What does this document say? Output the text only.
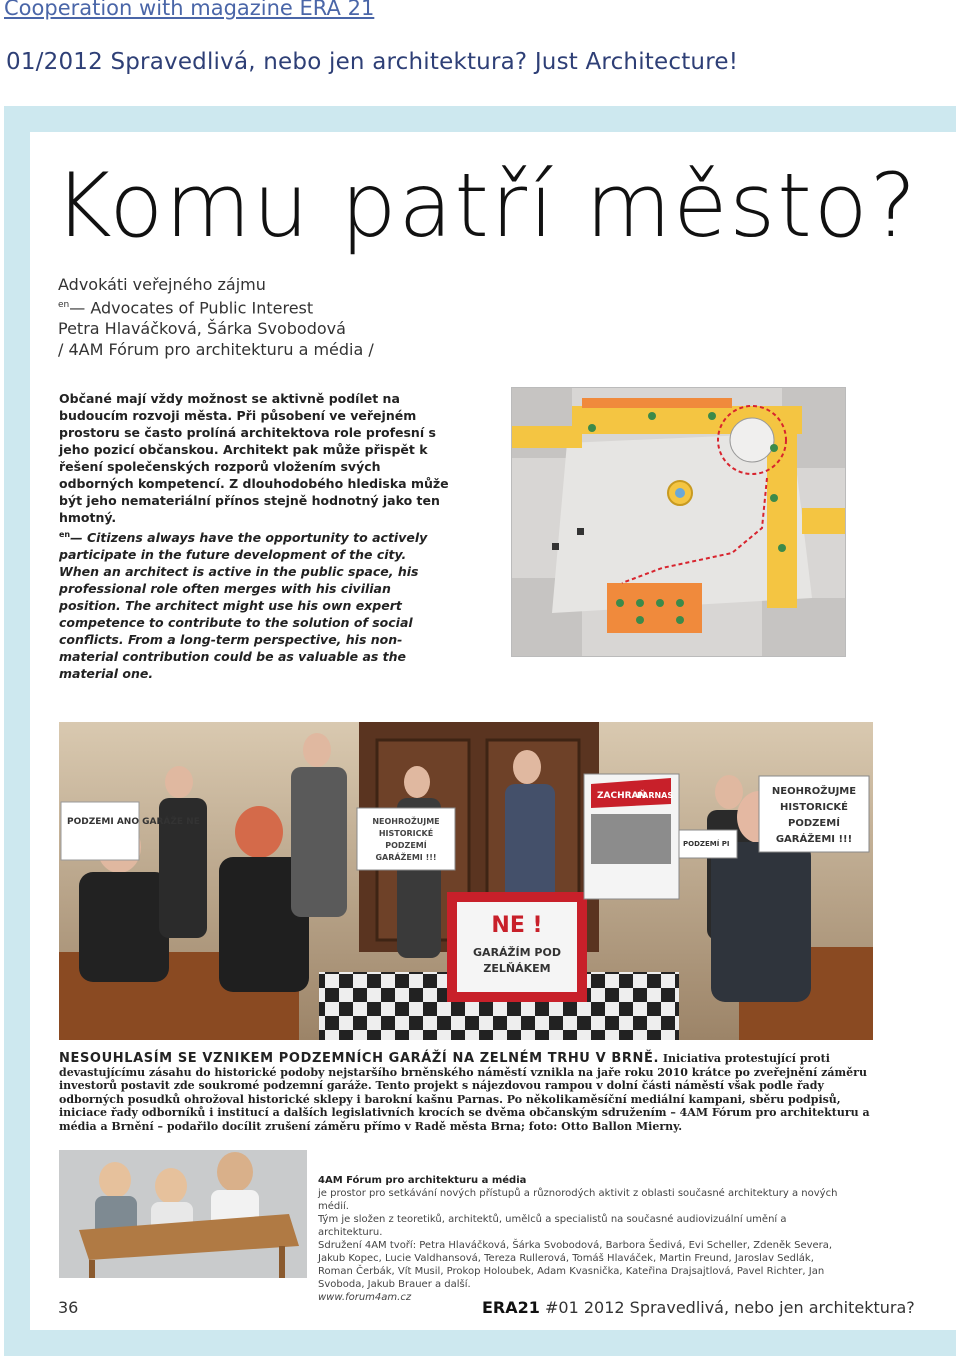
Cooperation with magazine ERA 21
01/2012 Spravedlivá, nebo jen architektura? Just Architecture!
Komu patří město?
Advokáti veřejného zájmu
$^{en}$— Advocates of Public Interest
Petra Hlaváčková, Šárka Svobodová
/ 4AM Fórum pro architekturu a média /
Občané mají vždy možnost se aktivně podílet na budoucím rozvoji města. Při působení ve veřejném prostoru se často prolíná architektova role profesní s jeho pozicí občanskou. Architekt pak může přispět k řešení společenských rozporů vložením svých odborných kompetencí. Z dlouhodobého hlediska může být jeho nemateriální přínos stejně hodnotný jako ten hmotný.
$^{en}$— Citizens always have the opportunity to actively participate in the future development of the city. When an architect is active in the public space, his professional role often merges with his civilian position. The architect might use his own expert competence to contribute to the solution of social conflicts. From a long-term perspective, his non-material contribution could be as valuable as the material one.
PODZEMI ANO GARÁŽE NE	NEOHROŽUJME
HISTORICKÉ
PODZEMÍ
GARÁŽEMI !!!
NE !
GARÁŽÍM POD
ZELŇÁKEM
ZACHRAŇ
PARNAS
PODZEMÍ PI
NEOHROŽUJME
HISTORICKÉ
PODZEMÍ
GARÁŽEMI !!!
NESOUHLASÍM SE VZNIKEM PODZEMNÍCH GARÁŽÍ NA ZELNÉM TRHU V BRNĚ. Iniciativa protestující proti devastujícímu zásahu do historické podoby nejstaršího brněnského náměstí vznikla na jaře roku 2010 krátce po zveřejnění záměru investorů postavit zde soukromé podzemní garáže. Tento projekt s nájezdovou rampou v dolní části náměstí však podle řady odborných posudků ohrožoval historické sklepy i barokní kašnu Parnas. Po několikaměsíční mediální kampani, sběru podpisů, iniciace řady odborníků i institucí a dalších legislativních krocích se dvěma občanským sdružením – 4AM Fórum pro architekturu a média a Brnění – podařilo docílit zrušení záměru přímo v Radě města Brna; foto: Otto Ballon Mierny.
4AM Fórum pro architekturu a média
je prostor pro setkávání nových přístupů a různorodých aktivit z oblasti současné architektury a nových médií.
Tým je složen z teoretiků, architektů, umělců a specialistů na současné audiovizuální umění a architekturu.
Sdružení 4AM tvoří: Petra Hlaváčková, Šárka Svobodová, Barbora Šedivá, Evi Scheller, Zdeněk Severa, Jakub Kopec, Lucie Valdhansová, Tereza Rullerová, Tomáš Hlaváček, Martin Freund, Jaroslav Sedlák, Roman Čerbák, Vít Musil, Prokop Holoubek, Adam Kvasnička, Kateřina Drajsajtlová, Pavel Richter, Jan Svoboda, Jakub Brauer a další.
www.forum4am.cz
36	ERA21 #01 2012 Spravedlivá, nebo jen architektura?
